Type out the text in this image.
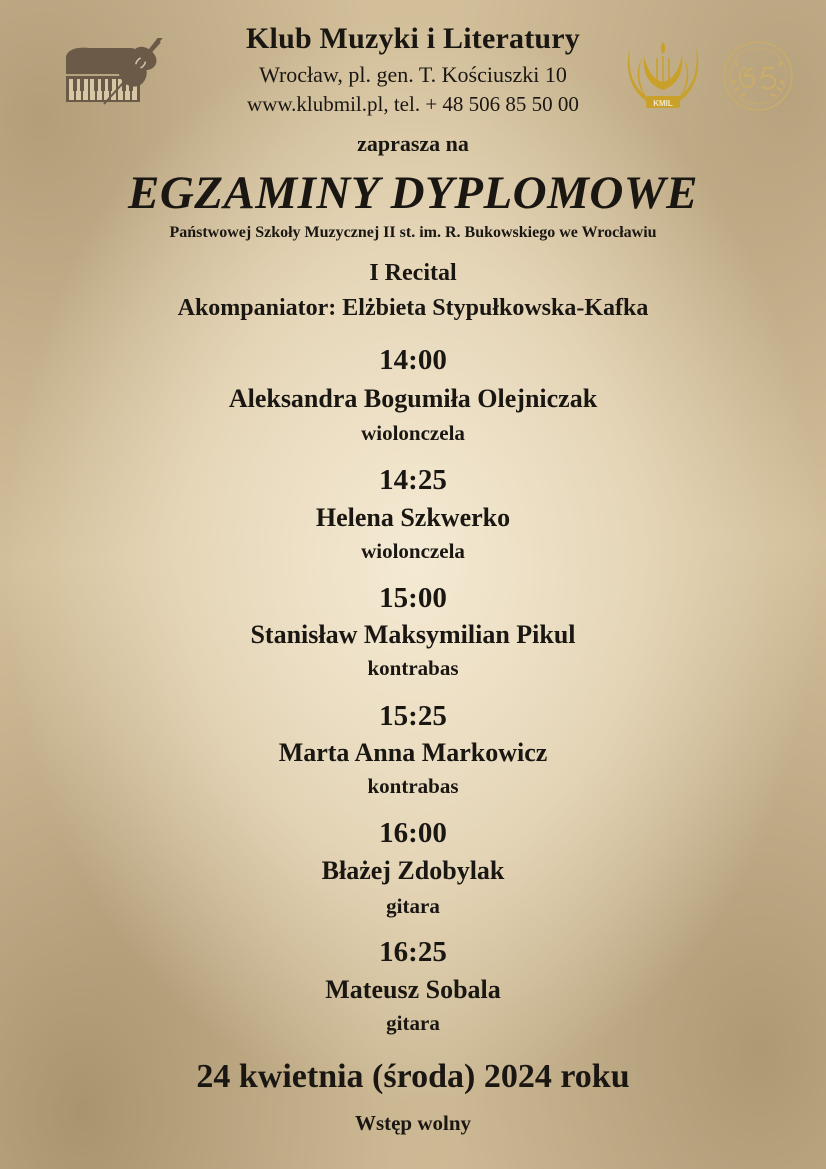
KMIL
Klub Muzyki i Literatury
Wrocław, pl. gen. T. Kościuszki 10
www.klubmil.pl, tel. + 48 506 85 50 00
zaprasza na
EGZAMINY DYPLOMOWE
Państwowej Szkoły Muzycznej II st. im. R. Bukowskiego we Wrocławiu
I Recital
Akompaniator: Elżbieta Stypułkowska-Kafka
14:00
Aleksandra Bogumiła Olejniczak
wiolonczela
14:25
Helena Szkwerko
wiolonczela
15:00
Stanisław Maksymilian Pikul
kontrabas
15:25
Marta Anna Markowicz
kontrabas
16:00
Błażej Zdobylak
gitara
16:25
Mateusz Sobala
gitara
24 kwietnia (środa) 2024 roku
Wstęp wolny
